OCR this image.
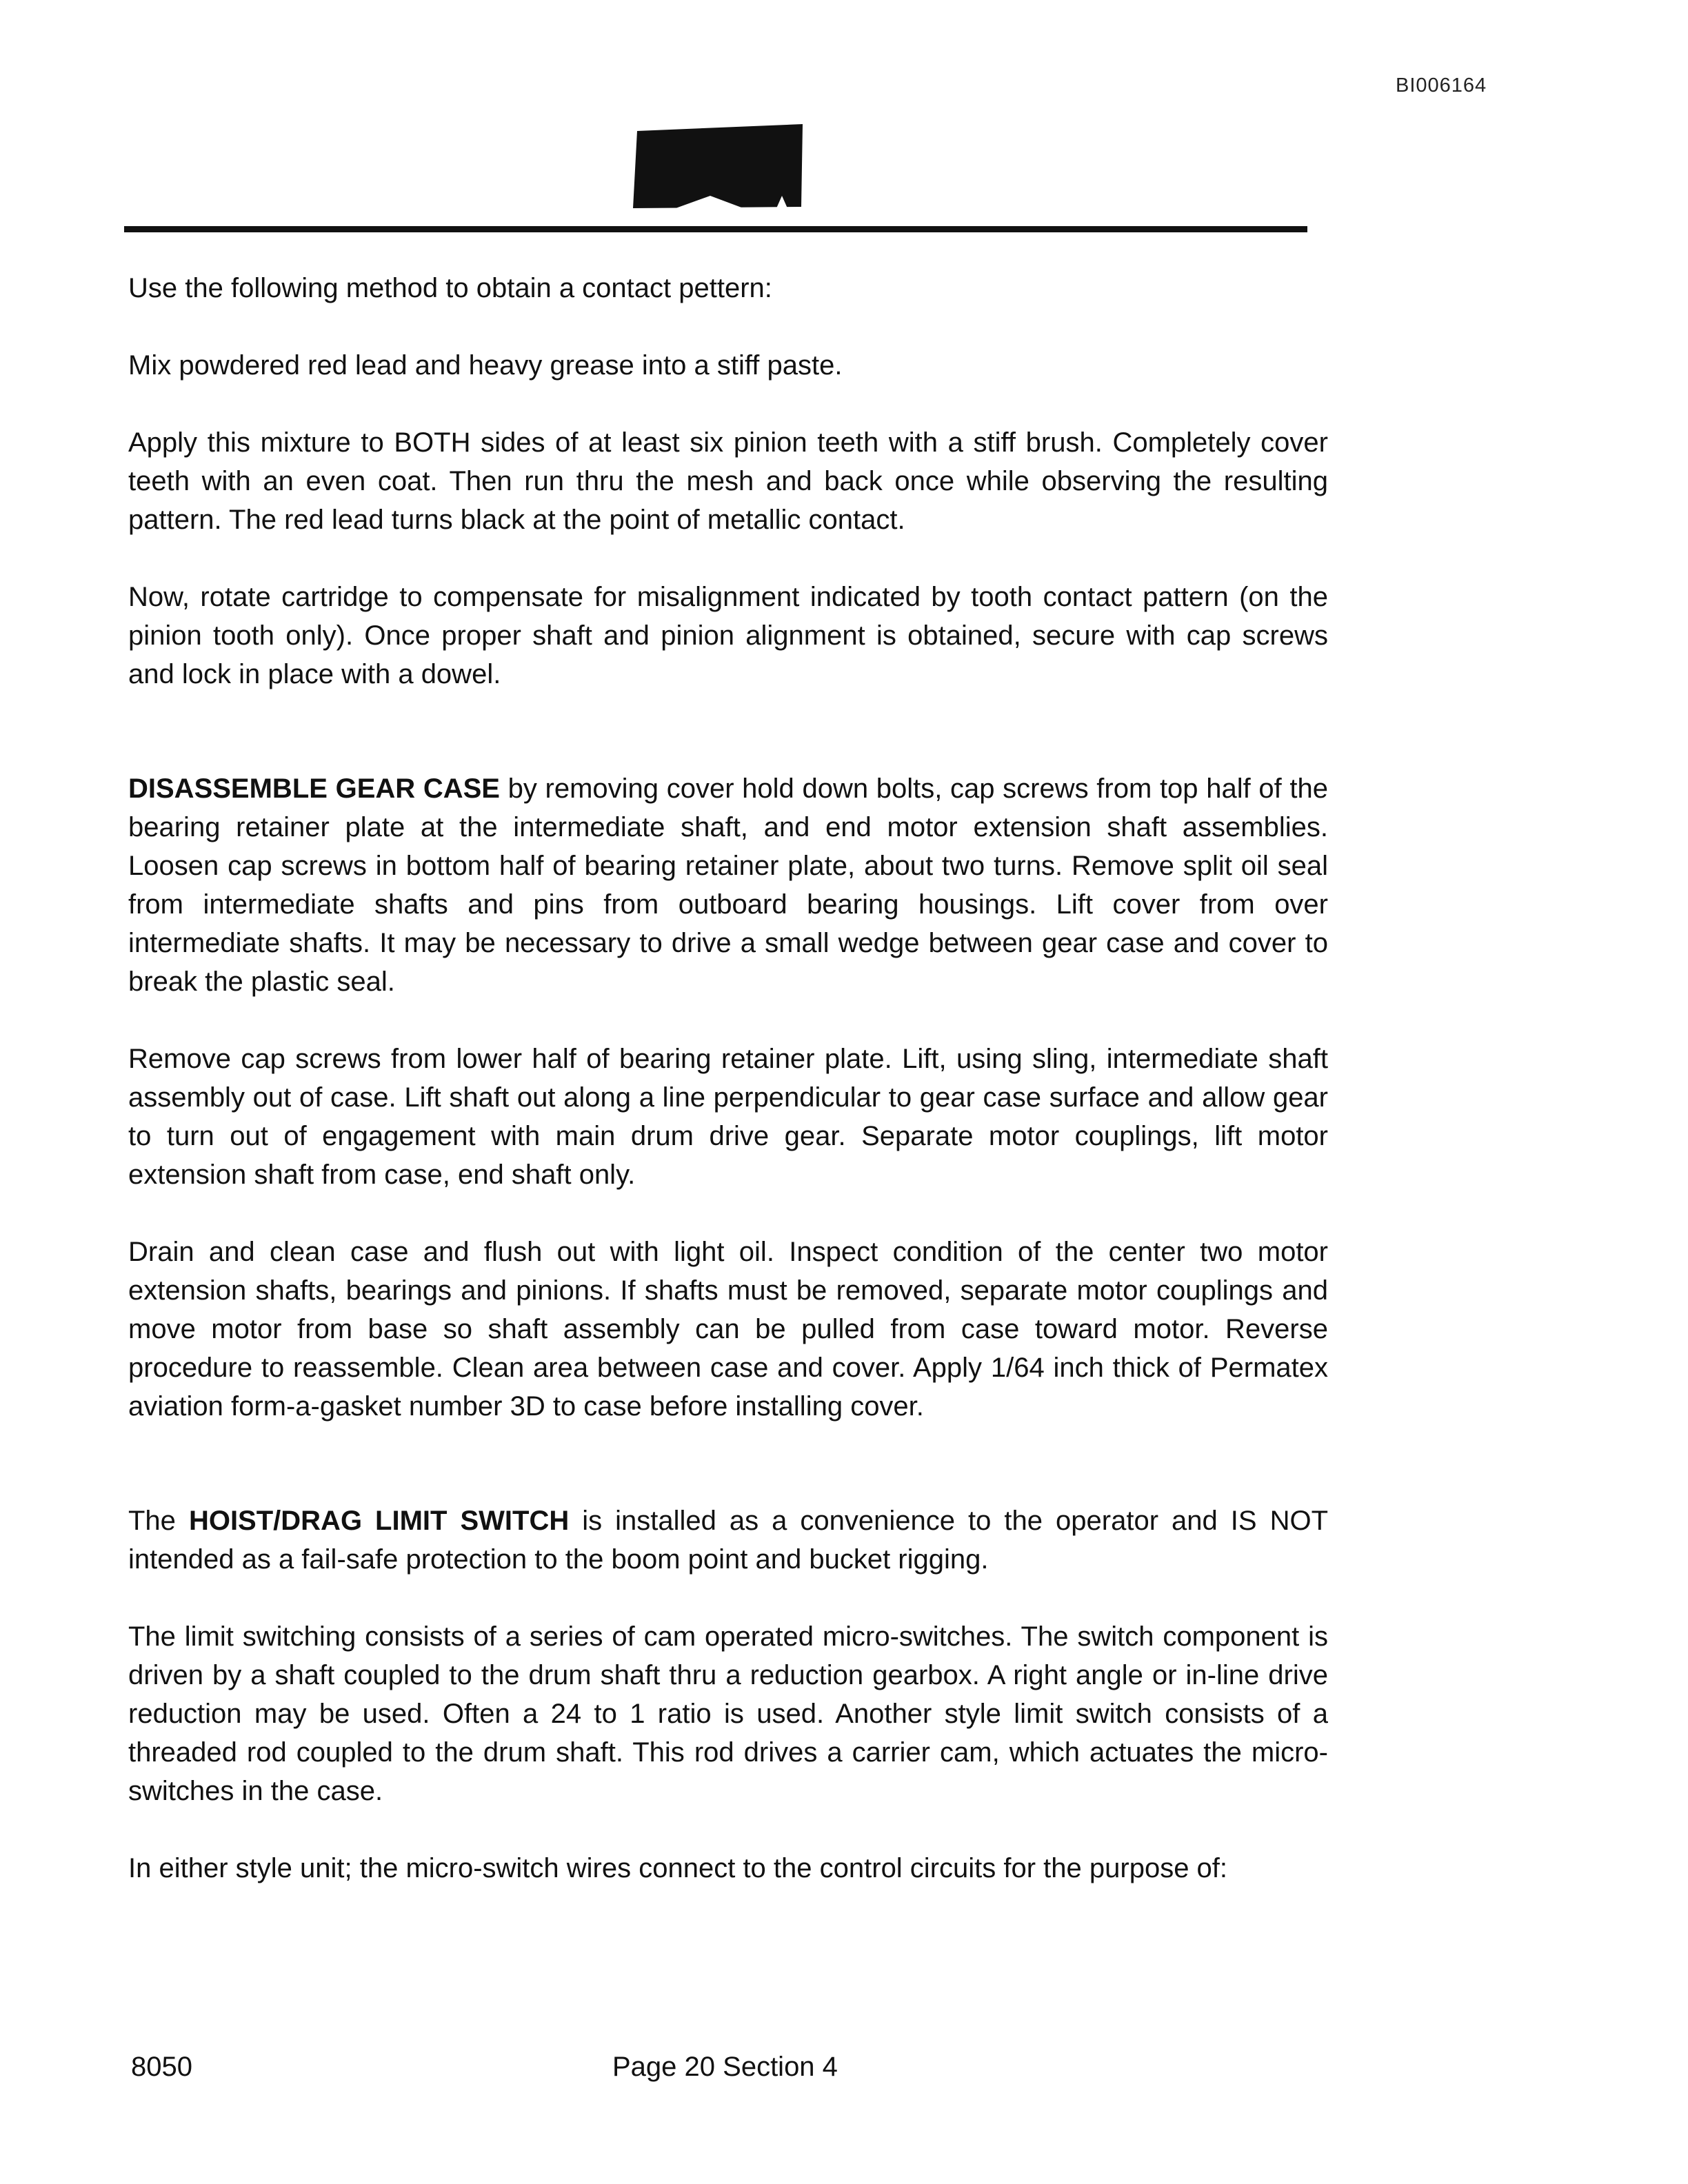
BI006164

Use the following method to obtain a contact pettern:

Mix powdered red lead and heavy grease into a stiff paste.

Apply this mixture to BOTH sides of at least six pinion teeth with a stiff brush. Completely cover teeth with an even coat. Then run thru the mesh and back once while observing the resulting pattern. The red lead turns black at the point of metallic contact.

Now, rotate cartridge to compensate for misalignment indicated by tooth contact pattern (on the pinion tooth only). Once proper shaft and pinion alignment is obtained, secure with cap screws and lock in place with a dowel.

DISASSEMBLE GEAR CASE by removing cover hold down bolts, cap screws from top half of the bearing retainer plate at the intermediate shaft, and end motor extension shaft assemblies. Loosen cap screws in bottom half of bearing retainer plate, about two turns. Remove split oil seal from intermediate shafts and pins from outboard bearing housings. Lift cover from over intermediate shafts. It may be necessary to drive a small wedge between gear case and cover to break the plastic seal.

Remove cap screws from lower half of bearing retainer plate. Lift, using sling, intermediate shaft assembly out of case. Lift shaft out along a line perpendicular to gear case surface and allow gear to turn out of engagement with main drum drive gear. Separate motor couplings, lift motor extension shaft from case, end shaft only.

Drain and clean case and flush out with light oil. Inspect condition of the center two motor extension shafts, bearings and pinions. If shafts must be removed, separate motor couplings and move motor from base so shaft assembly can be pulled from case toward motor. Reverse procedure to reassemble. Clean area between case and cover. Apply 1/64 inch thick of Permatex aviation form-a-gasket number 3D to case before installing cover.

The HOIST/DRAG LIMIT SWITCH is installed as a convenience to the operator and IS NOT intended as a fail-safe protection to the boom point and bucket rigging.

The limit switching consists of a series of cam operated micro-switches. The switch component is driven by a shaft coupled to the drum shaft thru a reduction gearbox. A right angle or in-line drive reduction may be used. Often a 24 to 1 ratio is used. Another style limit switch consists of a threaded rod coupled to the drum shaft. This rod drives a carrier cam, which actuates the micro-switches in the case.

In either style unit; the micro-switch wires connect to the control circuits for the purpose of:

8050	Page 20 Section 4
